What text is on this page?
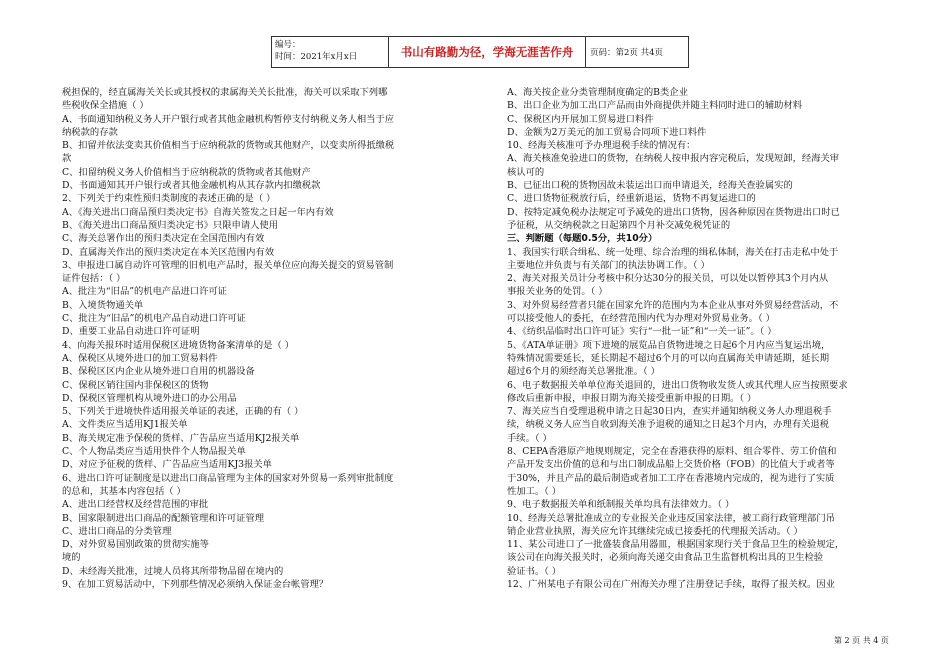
编号：
时间：2021年x月x日	书山有路勤为径，学海无涯苦作舟	页码：第2页 共4页

税担保的，经直属海关关长或其授权的隶属海关关长批准，海关可以采取下列哪

些税收保全措施（ ）

A、书面通知纳税义务人开户银行或者其他金融机构暂停支付纳税义务人相当于应

纳税款的存款

B、扣留并依法变卖其价值相当于应纳税款的货物或其他财产，以变卖所得抵缴税

款

C、扣留纳税义务人价值相当于应纳税款的货物或者其他财产

D、书面通知其开户银行或者其他金融机构从其存款内扣缴税款

2、下列关于约束性预归类制度的表述正确的是（ ）

A、《海关进出口商品预归类决定书》自海关签发之日起一年内有效

B、《海关进出口商品预归类决定书》只限申请人使用

C、海关总署作出的预归类决定在全国范围内有效

D、直属海关作出的预归类决定在本关区范围内有效

3、申报进口属自动许可管理的旧机电产品时，报关单位应向海关提交的贸易管制

证件包括：（ ）

A、批注为“旧品”的机电产品进口许可证

B、入境货物通关单

C、批注为“旧品”的机电产品自动进口许可证

D、重要工业品自动进口许可证明

4、向海关报环时适用保税区进境货物备案清单的是（ ）

A、保税区从境外进口的加工贸易料件

B、保税区区内企业从境外进口自用的机器设备

C、保税区销往国内非保税区的货物

D、保税区管理机构从境外进口的办公用品

5、下列关于进境快件适用报关单证的表述，正确的有（ ）

A、文件类应当适用KJ1报关单

B、海关规定准予保税的货样、广告品应当适用KJ2报关单

C、个人物品类应当适用快件个人物品报关单

D、对应予征税的货样、广告品应当适用KJ3报关单

6、进出口许可证制度是以进出口商品管理为主体的国家对外贸易一系列审批制度

的总和，其基本内容包括（ ）

A、进出口经营权及经营范围的审批

B、国家限制进出口商品的配额管理和许可证管理

C、进出口商品的分类管理

D、对外贸易国别政策的贯彻实施等

境的

D、未经海关批准，过境人员将其所带物品留在境内的

9、在加工贸易活动中，下列那些情况必须纳入保证金台帐管理？

A、海关按企业分类管理制度确定的B类企业

B、出口企业为加工出口产品而由外商提供并随主料同时进口的辅助材料

C、保税区内开展加工贸易进口料件

D、金额为2万美元的加工贸易合同项下进口料件

10、经海关核准可予办理退税手续的情况有：

A、海关核准免验进口的货物，在纳税人按申报内容完税后，发现短卸，经海关审

核认可的

B、已征出口税的货物因故未装运出口而申请退关，经海关查验属实的

C、进口货物征税放行后，经重新退运，货物不再复运进口的

D、按特定减免税办法规定可予减免的进出口货物，因各种原因在货物进出口时已

予征税，从交纳税款之日起第四个月补交减免税凭证的

三、判断题（每题0.5分，共10分）

1、我国实行联合缉私、统一处理、综合治理的缉私体制，海关在打击走私中处于

主要地位并负责与有关部门的执法协调工作。（ ）

2、海关对报关员计分考核中积分达30分的报关员，可以处以暂停其3个月内从

事报关业务的处罚。（ ）

3、对外贸易经营者只能在国家允许的范围内为本企业从事对外贸易经营活动，不

可以接受他人的委托，在经营范围内代为办理对外贸易业务。（ ）

4、《纺织品临时出口许可证》实行“一批一证”和“一关一证”。（ ）

5、《ATA单证册》项下进境的展览品自货物进境之日起6个月内应当复运出境，

特殊情况需要延长，延长期起不超过6个月的可以向直属海关申请延期，延长期

超过6个月的须经海关总署批准。（ ）

6、电子数据报关单单位海关退回的，进出口货物收发货人或其代理人应当按照要求

修改后重新申报，申报日期为海关接受重新申报的日期。（ ）

7、海关应当自受理退税申请之日起30日内，查实并通知纳税义务人办理退税手

续，纳税义务人应当自收到海关准予退税的通知之日起3个月内，办理有关退税

手续。（ ）

8、CEPA香港原产地规则规定，完全在香港获得的原料、组合零件、劳工价值和

产品开发支出价值的总和与出口制成品船上交货价格（FOB）的比值大于或者等

于30%，并且产品的最后制造或者加工工序在香港境内完成的，视为进行了实质

性加工。（ ）

9、电子数据报关单和纸制报关单均具有法律效力。（ ）

10、经海关总署批准成立的专业报关企业违反国家法律，被工商行政管理部门吊

销企业营业执照，海关应允许其继续完成已接委托的代理报关活动。（ ）

11、某公司进口了一批盛装食品用器皿，根据国家现行关于食品卫生的检验规定，

该公司在向海关报关时，必须向海关递交由食品卫生监督机构出具的卫生检验

验证书。（ ）

12、广州某电子有限公司在广州海关办理了注册登记手续，取得了报关权。因业

第 2 页 共 4 页
